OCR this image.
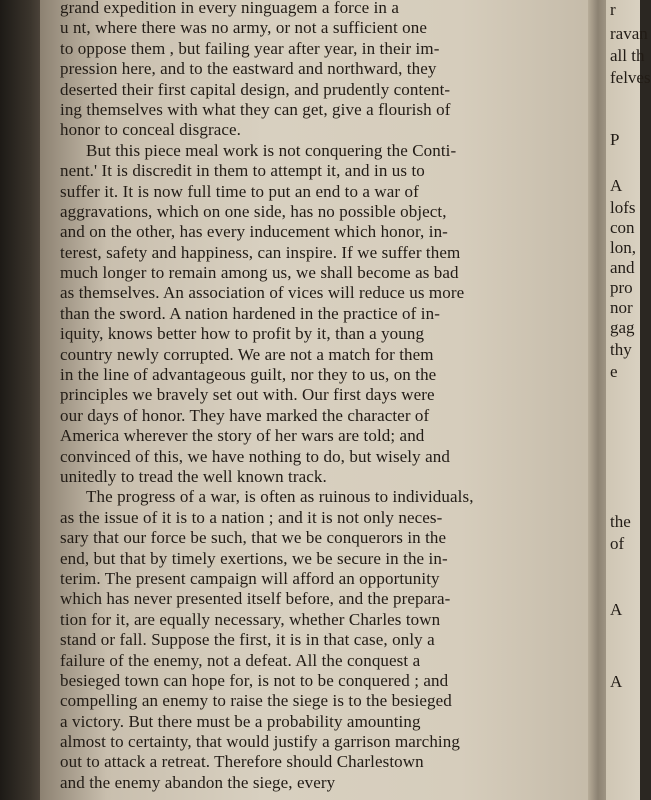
grand expedition in every ninguagem a force in a
u nt, where there was no army, or not a sufficient one
to oppose them , but failing year after year, in their im-
pression here, and to the eastward and northward, they
deserted their first capital design, and prudently content-
ing themselves with what they can get, give a flourish of
honor to conceal disgrace.
But this piece meal work is not conquering the Conti-
nent.' It is discredit in them to attempt it, and in us to
suffer it. It is now full time to put an end to a war of
aggravations, which on one side, has no possible object,
and on the other, has every inducement which honor, in-
terest, safety and happiness, can inspire. If we suffer them
much longer to remain among us, we shall become as bad
as themselves. An association of vices will reduce us more
than the sword. A nation hardened in the practice of in-
iquity, knows better how to profit by it, than a young
country newly corrupted. We are not a match for them
in the line of advantageous guilt, nor they to us, on the
principles we bravely set out with. Our first days were
our days of honor. They have marked the character of
America wherever the story of her wars are told; and
convinced of this, we have nothing to do, but wisely and
unitedly to tread the well known track.
The progress of a war, is often as ruinous to individuals,
as the issue of it is to a nation ; and it is not only neces-
sary that our force be such, that we be conquerors in the
end, but that by timely exertions, we be secure in the in-
terim. The present campaign will afford an opportunity
which has never presented itself before, and the prepara-
tion for it, are equally necessary, whether Charles town
stand or fall. Suppose the first, it is in that case, only a
failure of the enemy, not a defeat. All the conquest a
besieged town can hope for, is not to be conquered ; and
compelling an enemy to raise the siege is to the besieged
a victory. But there must be a probability amounting
almost to certainty, that would justify a garrison marching
out to attack a retreat. Therefore should Charlestown
and the enemy abandon the siege, every
r
ravan
all th
felves
P
A
lofs
con
lon,
and
pro
nor
gag
thy
e
the
of
A
A
